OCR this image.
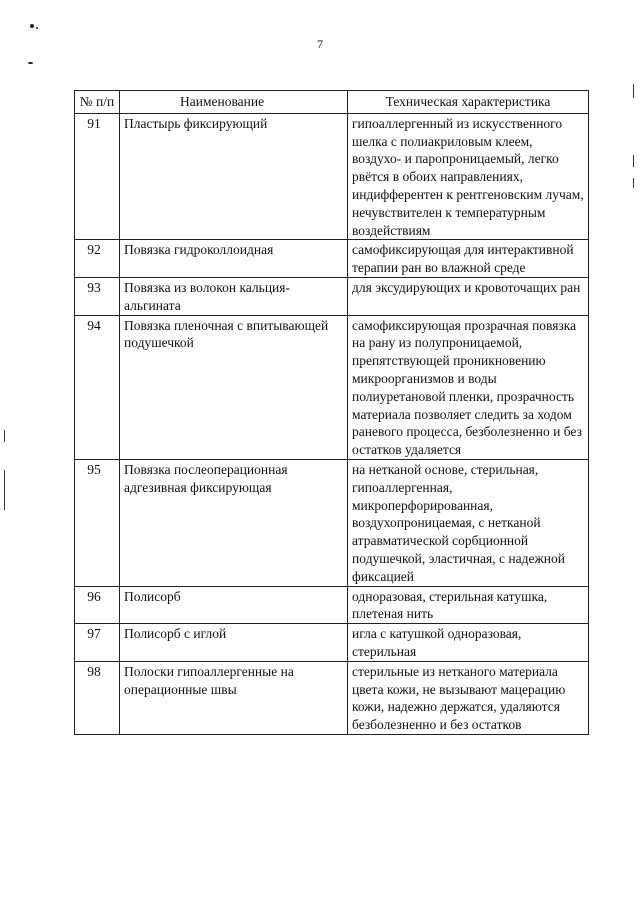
7
№ п/п	Наименование	Техническая характеристика
91	Пластырь фиксирующий	гипоаллергенный из искусственного шелка с полиакриловым клеем, воздухо- и паропроницаемый, легко рвётся в обоих направлениях, индифферентен к рентгеновским лучам, нечувствителен к температурным воздействиям
92	Повязка гидроколлоидная	самофиксирующая для интерактивной терапии ран во влажной среде
93	Повязка из волокон кальция-альгината	для эксудирующих и кровоточащих ран
94	Повязка пленочная с впитывающей подушечкой	самофиксирующая прозрачная повязка на рану из полупроницаемой, препятствующей проникновению микроорганизмов и воды полиуретановой пленки, прозрачность материала позволяет следить за ходом раневого процесса, безболезненно и без остатков удаляется
95	Повязка послеоперационная адгезивная фиксирующая	на нетканой основе, стерильная, гипоаллергенная, микроперфорированная, воздухопроницаемая, с нетканой атравматической сорбционной подушечкой, эластичная, с надежной фиксацией
96	Полисорб	одноразовая, стерильная катушка, плетеная нить
97	Полисорб с иглой	игла с катушкой одноразовая, стерильная
98	Полоски гипоаллергенные на операционные швы	стерильные из нетканого материала цвета кожи, не вызывают мацерацию кожи, надежно держатся, удаляются безболезненно и без остатков
